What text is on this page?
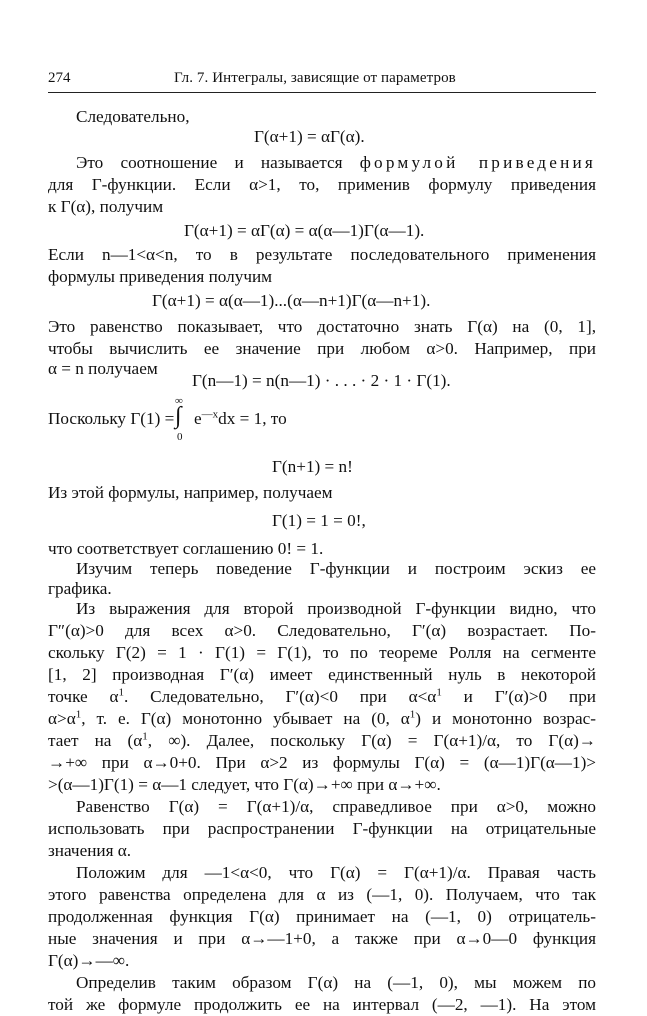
274	Гл. 7. Интегралы, зависящие от параметров
Следовательно,
Γ(α+1) = αΓ(α).
Это соотношение и называется формулой приведения
для Γ-функции. Если α>1, то, применив формулу приведения
к Γ(α), получим
Γ(α+1) = αΓ(α) = α(α—1)Γ(α—1).
Если n—1<α<n, то в результате последовательного применения
формулы приведения получим
Γ(α+1) = α(α—1)...(α—n+1)Γ(α—n+1).
Это равенство показывает, что достаточно знать Γ(α) на (0, 1],
чтобы вычислить ее значение при любом α>0. Например, при
α = n получаем
Γ(n—1) = n(n—1) · . . . · 2 · 1 · Γ(1).
Поскольку Γ(1) =
∞
∫
0
$e^{—x}dx = 1$, то
Γ(n+1) = n!
Из этой формулы, например, получаем
Γ(1) = 1 = 0!,
что соответствует соглашению 0! = 1.
Изучим теперь поведение Γ-функции и построим эскиз ее
графика.
Из выражения для второй производной Γ-функции видно, что
Γ″(α)>0 для всех α>0. Следовательно, Γ′(α) возрастает. По-
скольку Γ(2) = 1 · Γ(1) = Γ(1), то по теореме Ролля на сегменте
[1, 2] производная Γ′(α) имеет единственный нуль в некоторой
точке $\alpha^1$. Следовательно, Γ′(α)<0 при $\alpha<\alpha^1$ и Γ′(α)>0 при
$\alpha>\alpha^1$, т. е. Γ(α) монотонно убывает на (0, $\alpha^1$) и монотонно возрас-
тает на ($\alpha^1$, ∞). Далее, поскольку Γ(α) = Γ(α+1)/α, то Γ(α)→
→+∞ при α→0+0. При α>2 из формулы Γ(α) = (α—1)Γ(α—1)>
>(α—1)Γ(1) = α—1 следует, что Γ(α)→+∞ при α→+∞.
Равенство Γ(α) = Γ(α+1)/α, справедливое при α>0, можно
использовать при распространении Γ-функции на отрицательные
значения α.
Положим для —1<α<0, что Γ(α) = Γ(α+1)/α. Правая часть
этого равенства определена для α из (—1, 0). Получаем, что так
продолженная функция Γ(α) принимает на (—1, 0) отрицатель-
ные значения и при α→—1+0, а также при α→0—0 функция
Γ(α)→—∞.
Определив таким образом Γ(α) на (—1, 0), мы можем по
той же формуле продолжить ее на интервал (—2, —1). На этом
